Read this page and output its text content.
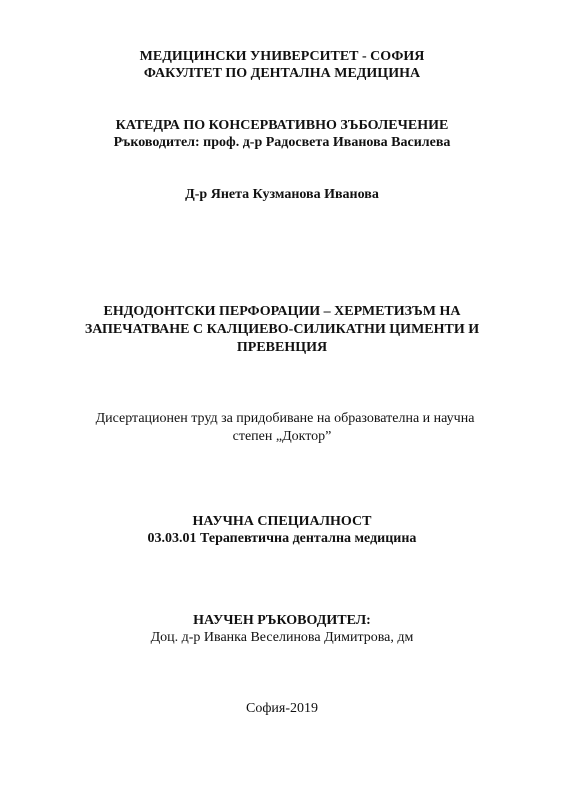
МЕДИЦИНСКИ УНИВЕРСИТЕТ - СОФИЯ
ФАКУЛТЕТ ПО ДЕНТАЛНА МЕДИЦИНА
КАТЕДРА ПО КОНСЕРВАТИВНО ЗЪБОЛЕЧЕНИЕ
Ръководител: проф. д-р Радосвета Иванова Василева
Д-р Янета Кузманова Иванова
ЕНДОДОНТСКИ ПЕРФОРАЦИИ – ХЕРМЕТИЗЪМ НА
ЗАПЕЧАТВАНЕ С КАЛЦИЕВО-СИЛИКАТНИ ЦИМЕНТИ И
ПРЕВЕНЦИЯ
Дисертационен труд за придобиване на образователна и научна
степен „Доктор”
НАУЧНА СПЕЦИАЛНОСТ
03.03.01 Терапевтична дентална медицина
НАУЧЕН РЪКОВОДИТЕЛ:
Доц. д-р Иванка Веселинова Димитрова, дм
София-2019
